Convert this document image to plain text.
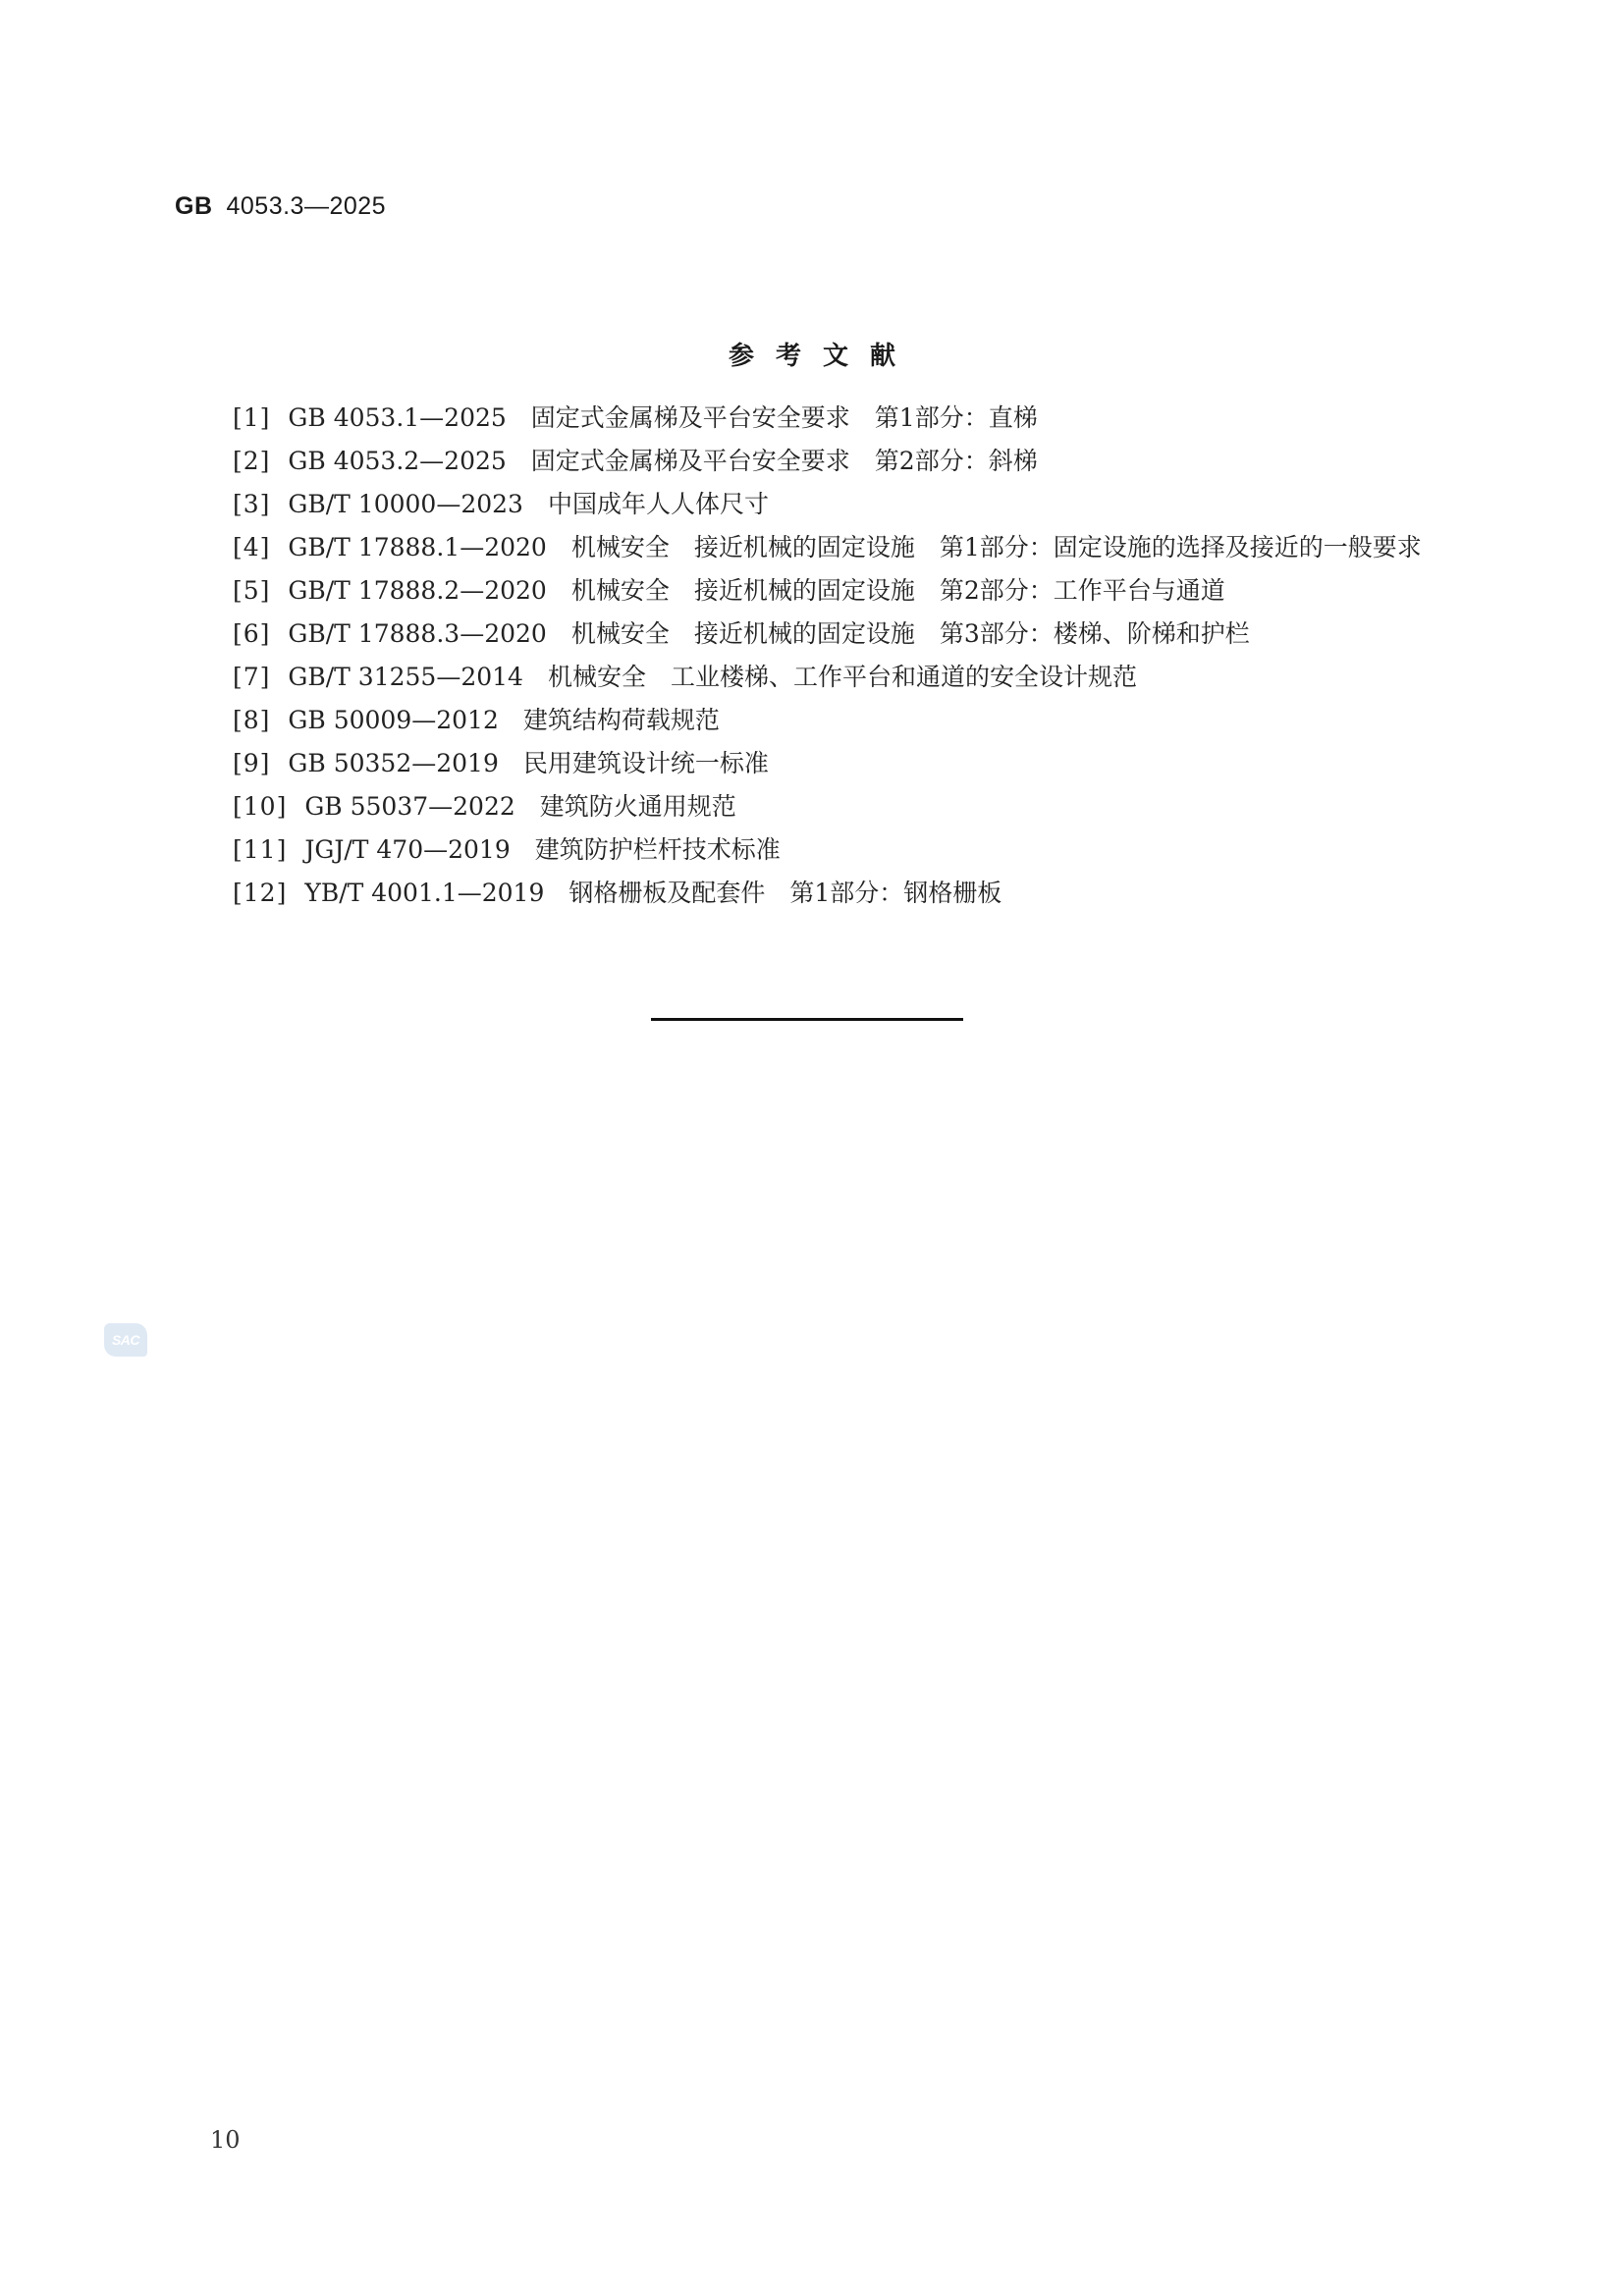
GB 4053.3—2025
参考文献
[1] GB 4053.1—2025　固定式金属梯及平台安全要求　第1部分：直梯
[2] GB 4053.2—2025　固定式金属梯及平台安全要求　第2部分：斜梯
[3] GB/T 10000—2023　中国成年人人体尺寸
[4] GB/T 17888.1—2020　机械安全　接近机械的固定设施　第1部分：固定设施的选择及接近的一般要求
[5] GB/T 17888.2—2020　机械安全　接近机械的固定设施　第2部分：工作平台与通道
[6] GB/T 17888.3—2020　机械安全　接近机械的固定设施　第3部分：楼梯、阶梯和护栏
[7] GB/T 31255—2014　机械安全　工业楼梯、工作平台和通道的安全设计规范
[8] GB 50009—2012　建筑结构荷载规范
[9] GB 50352—2019　民用建筑设计统一标准
[10] GB 55037—2022　建筑防火通用规范
[11] JGJ/T 470—2019　建筑防护栏杆技术标准
[12] YB/T 4001.1—2019　钢格栅板及配套件　第1部分：钢格栅板
SAC
10
